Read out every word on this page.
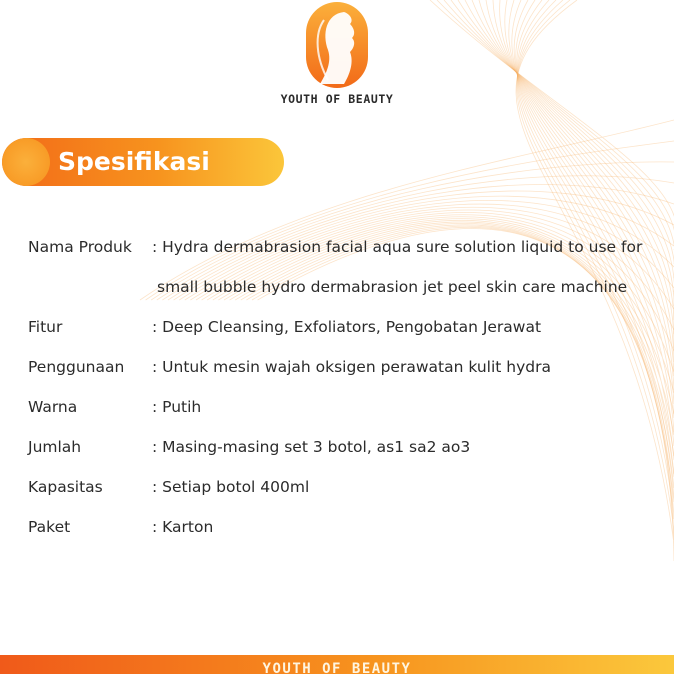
YOUTH OF BEAUTY
Spesifikasi
Nama Produk : Hydra dermabrasion facial aqua sure solution liquid to use for
small bubble hydro dermabrasion jet peel skin care machine
Fitur	: Deep Cleansing, Exfoliators, Pengobatan Jerawat
Penggunaan : Untuk mesin wajah oksigen perawatan kulit hydra
Warna	: Putih
Jumlah	: Masing-masing set 3 botol, as1 sa2 ao3
Kapasitas	: Setiap botol 400ml
Paket	: Karton
YOUTH OF BEAUTY
